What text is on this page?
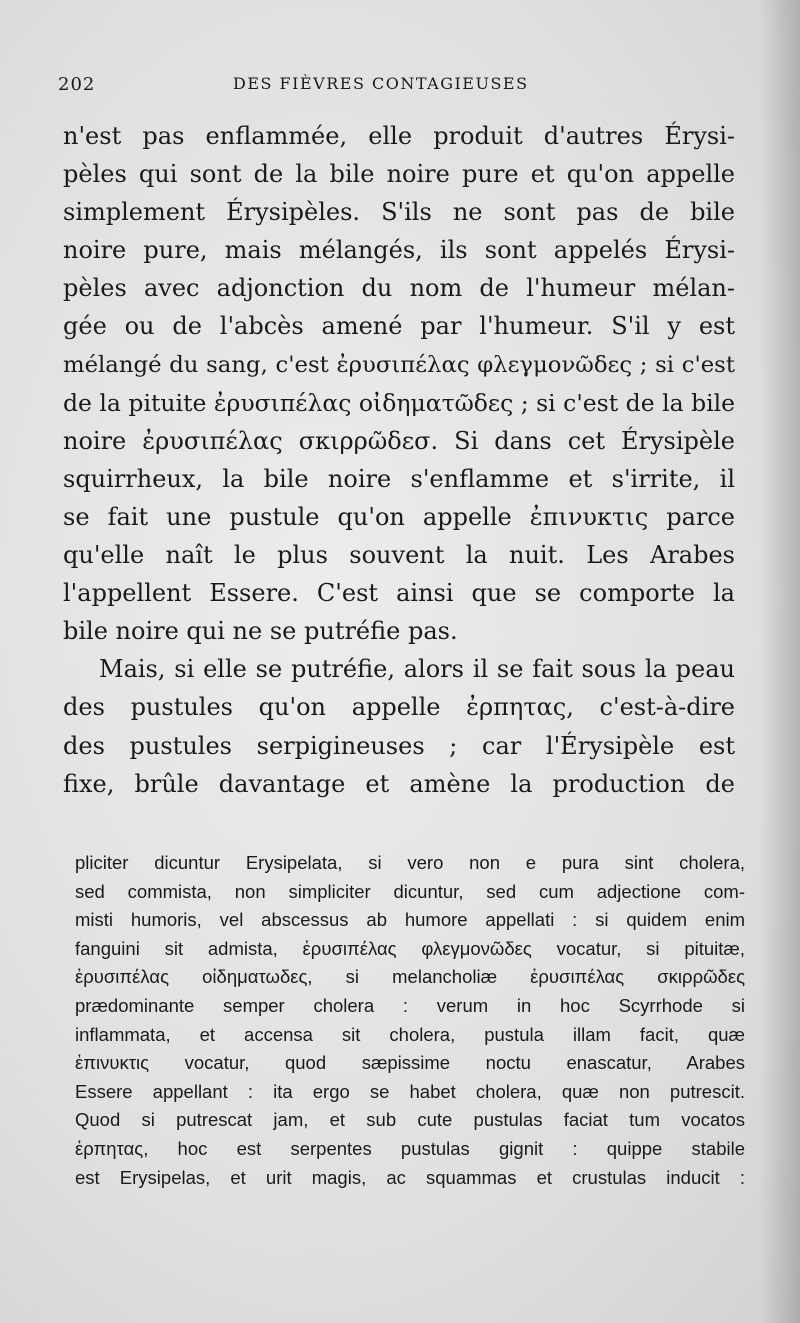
202	DES FIÈVRES CONTAGIEUSES
n'est pas enflammée, elle produit d'autres Érysi-
pèles qui sont de la bile noire pure et qu'on appelle
simplement Érysipèles. S'ils ne sont pas de bile
noire pure, mais mélangés, ils sont appelés Érysi-
pèles avec adjonction du nom de l'humeur mélan-
gée ou de l'abcès amené par l'humeur. S'il y est
mélangé du sang, c'est ἐρυσιπέλας φλεγμονῶδες ; si c'est
de la pituite ἐρυσιπέλας οἰδηματῶδες ; si c'est de la bile
noire ἐρυσιπέλας σκιρρῶδεσ. Si dans cet Érysipèle
squirrheux, la bile noire s'enflamme et s'irrite, il
se fait une pustule qu'on appelle ἐπινυκτις parce
qu'elle naît le plus souvent la nuit. Les Arabes
l'appellent Essere. C'est ainsi que se comporte la
bile noire qui ne se putréfie pas.
Mais, si elle se putréfie, alors il se fait sous la peau
des pustules qu'on appelle ἐρπητας, c'est-à-dire
des pustules serpigineuses ; car l'Érysipèle est
fixe, brûle davantage et amène la production de
pliciter dicuntur Erysipelata, si vero non e pura sint cholera,
sed commista, non simpliciter dicuntur, sed cum adjectione com-
misti humoris, vel abscessus ab humore appellati : si quidem enim
fanguini sit admista, ἐρυσιπέλας φλεγμονῶδες vocatur, si pituitæ,
ἐρυσιπέλας οἰδηματωδες, si melancholiæ ἐρυσιπέλας σκιρρῶδες
prædominante semper cholera : verum in hoc Scyrrhode si
inflammata, et accensa sit cholera, pustula illam facit, quæ
ἐπινυκτις vocatur, quod sæpissime noctu enascatur, Arabes
Essere appellant : ita ergo se habet cholera, quæ non putrescit.
Quod si putrescat jam, et sub cute pustulas faciat tum vocatos
ἐρπητας, hoc est serpentes pustulas gignit : quippe stabile
est Erysipelas, et urit magis, ac squammas et crustulas inducit :
